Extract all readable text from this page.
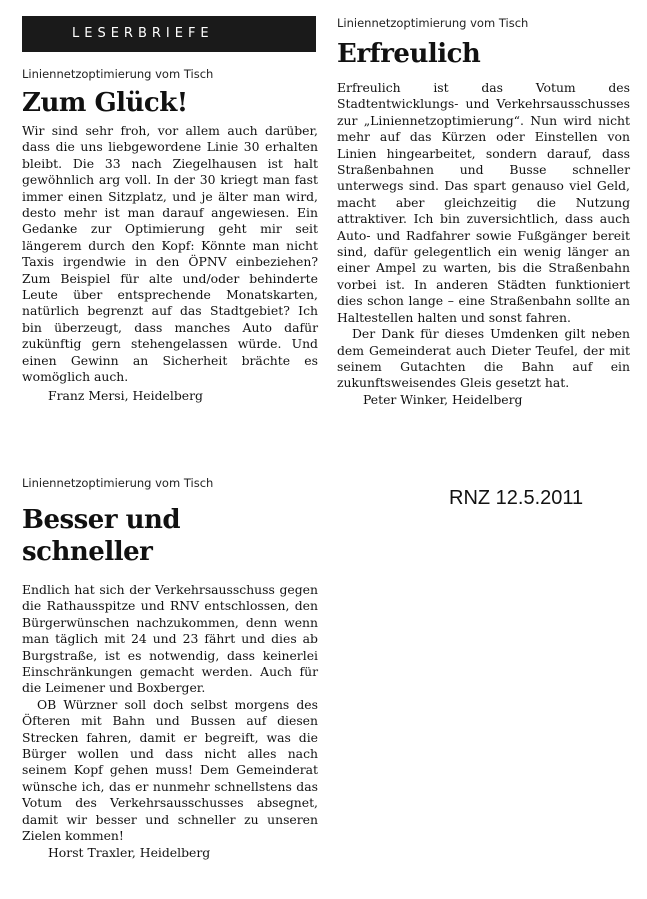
LESERBRIEFE

Liniennetzoptimierung vom Tisch

Zum Glück!

Wir sind sehr froh, vor allem auch darüber, dass die uns liebgewordene Linie 30 erhalten bleibt. Die 33 nach Ziegelhausen ist halt gewöhnlich arg voll. In der 30 kriegt man fast immer einen Sitzplatz, und je älter man wird, desto mehr ist man darauf angewiesen. Ein Gedanke zur Optimierung geht mir seit längerem durch den Kopf: Könnte man nicht Taxis irgendwie in den ÖPNV einbeziehen? Zum Beispiel für alte und/oder behinderte Leute über entsprechende Monatskarten, natürlich begrenzt auf das Stadtgebiet? Ich bin überzeugt, dass manches Auto dafür zukünftig gern stehengelassen würde. Und einen Gewinn an Sicherheit brächte es womöglich auch.

Franz Mersi, Heidelberg

Liniennetzoptimierung vom Tisch

Besser und schneller

Endlich hat sich der Verkehrsausschuss gegen die Rathausspitze und RNV entschlossen, den Bürgerwünschen nachzukommen, denn wenn man täglich mit 24 und 23 fährt und dies ab Burgstraße, ist es notwendig, dass keinerlei Einschränkungen gemacht werden. Auch für die Leimener und Boxberger.

OB Würzner soll doch selbst morgens des Öfteren mit Bahn und Bussen auf diesen Strecken fahren, damit er begreift, was die Bürger wollen und dass nicht alles nach seinem Kopf gehen muss! Dem Gemeinderat wünsche ich, das er nunmehr schnellstens das Votum des Verkehrsausschusses absegnet, damit wir besser und schneller zu unseren Zielen kommen!

Horst Traxler, Heidelberg

Liniennetzoptimierung vom Tisch

Erfreulich

Erfreulich ist das Votum des Stadtentwicklungs- und Verkehrsausschusses zur „Liniennetzoptimierung“. Nun wird nicht mehr auf das Kürzen oder Einstellen von Linien hingearbeitet, sondern darauf, dass Straßenbahnen und Busse schneller unterwegs sind. Das spart genauso viel Geld, macht aber gleichzeitig die Nutzung attraktiver. Ich bin zuversichtlich, dass auch Auto- und Radfahrer sowie Fußgänger bereit sind, dafür gelegentlich ein wenig länger an einer Ampel zu warten, bis die Straßenbahn vorbei ist. In anderen Städten funktioniert dies schon lange – eine Straßenbahn sollte an Haltestellen halten und sonst fahren.

Der Dank für dieses Umdenken gilt neben dem Gemeinderat auch Dieter Teufel, der mit seinem Gutachten die Bahn auf ein zukunftsweisendes Gleis gesetzt hat.

Peter Winker, Heidelberg

RNZ 12.5.2011
